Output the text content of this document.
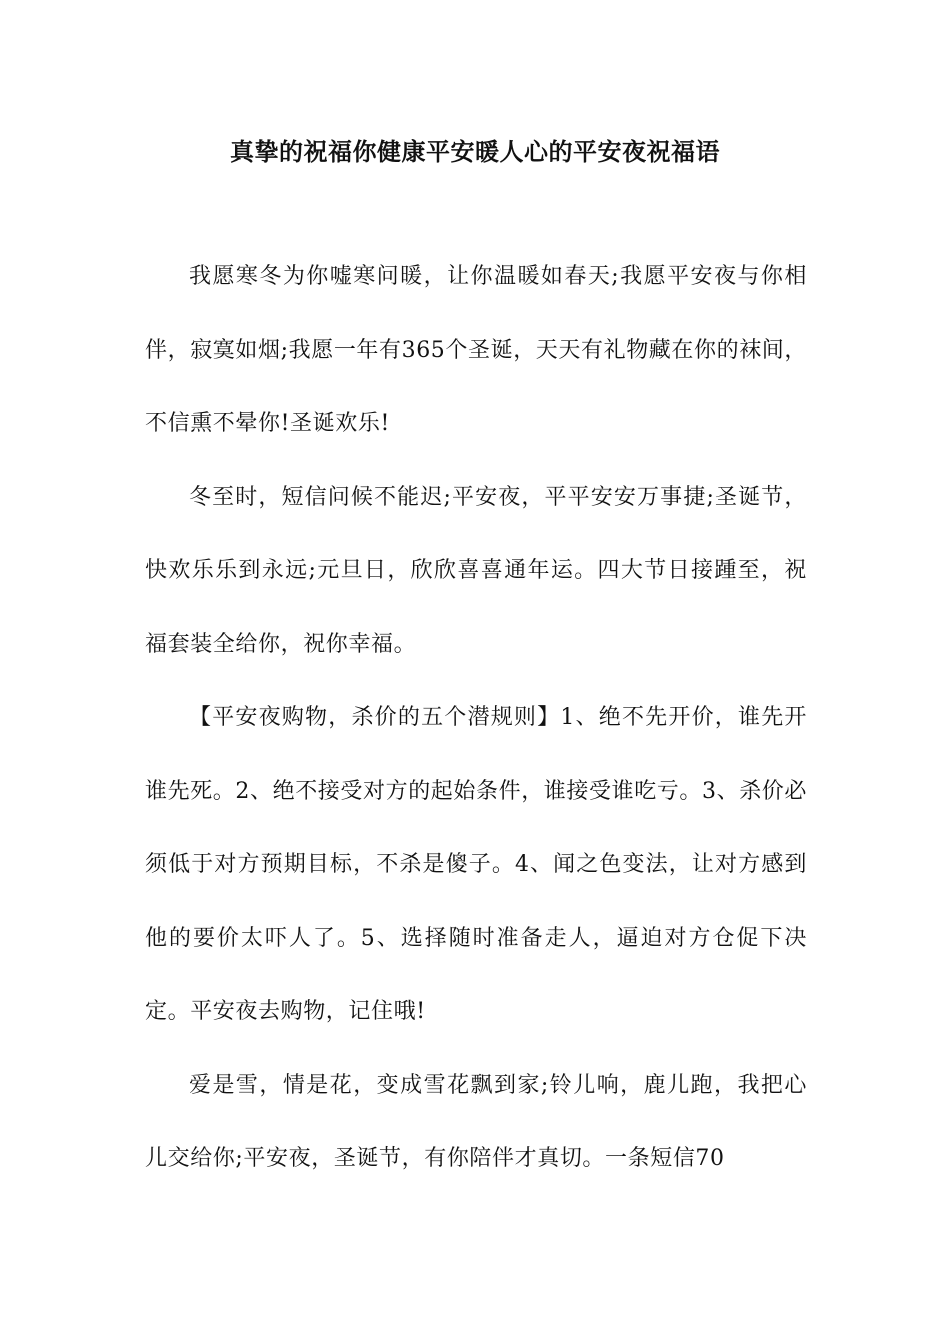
真挚的祝福你健康平安暖人心的平安夜祝福语

我愿寒冬为你嘘寒问暖，让你温暖如春天;我愿平安夜与你相伴，寂寞如烟;我愿一年有365个圣诞，天天有礼物藏在你的袜间，不信熏不晕你!圣诞欢乐!

冬至时，短信问候不能迟;平安夜，平平安安万事捷;圣诞节，快欢乐乐到永远;元旦日，欣欣喜喜通年运。四大节日接踵至，祝福套装全给你，祝你幸福。

【平安夜购物，杀价的五个潜规则】1、绝不先开价，谁先开谁先死。2、绝不接受对方的起始条件，谁接受谁吃亏。3、杀价必须低于对方预期目标，不杀是傻子。4、闻之色变法，让对方感到他的要价太吓人了。5、选择随时准备走人，逼迫对方仓促下决定。平安夜去购物，记住哦!

爱是雪，情是花，变成雪花飘到家;铃儿响，鹿儿跑，我把心儿交给你;平安夜，圣诞节，有你陪伴才真切。一条短信70
